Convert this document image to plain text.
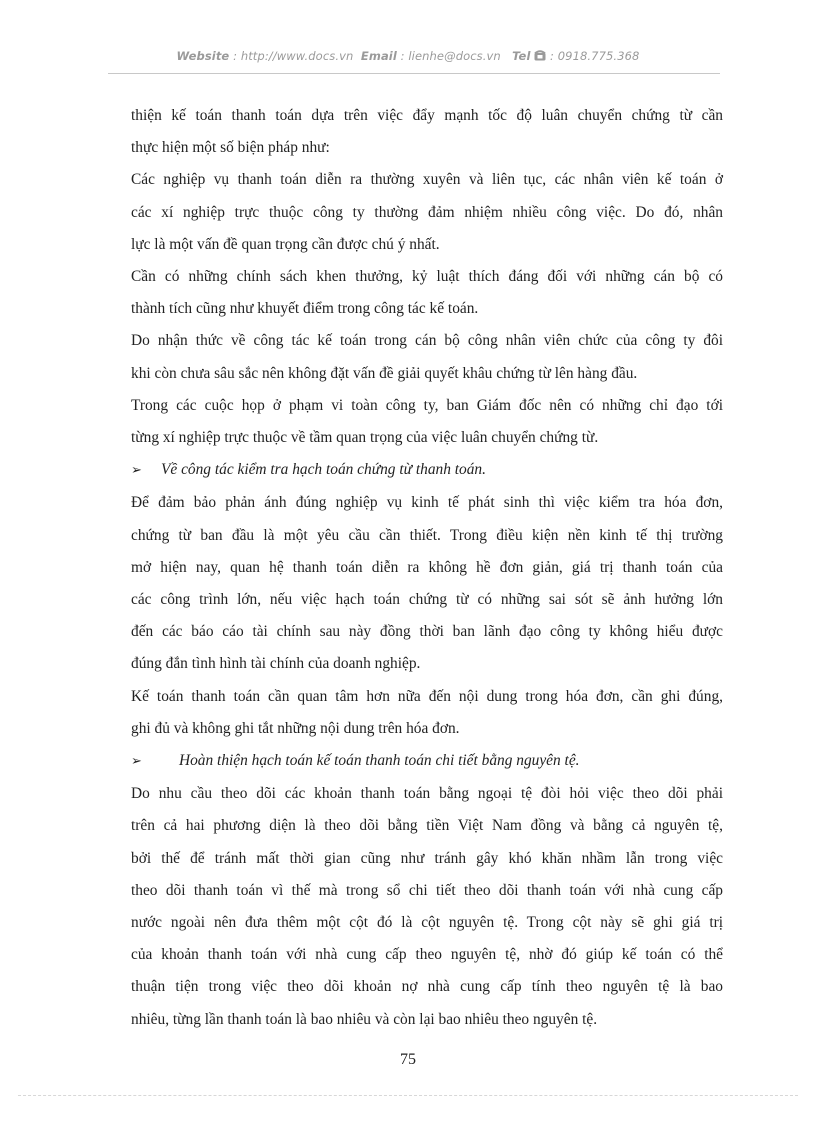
Website : http://www.docs.vn Email : lienhe@docs.vn Tel : 0918.775.368

thiện kế toán thanh toán dựa trên việc đẩy mạnh tốc độ luân chuyển chứng từ cần

thực hiện một số biện pháp như:

Các nghiệp vụ thanh toán diễn ra thường xuyên và liên tục, các nhân viên kế toán ở

các xí nghiệp trực thuộc công ty thường đảm nhiệm nhiều công việc. Do đó, nhân

lực là một vấn đề quan trọng cần được chú ý nhất.

Cần có những chính sách khen thưởng, kỷ luật thích đáng đối với những cán bộ có

thành tích cũng như khuyết điểm trong công tác kế toán.

Do nhận thức về công tác kế toán trong cán bộ công nhân viên chức của công ty đôi

khi còn chưa sâu sắc nên không đặt vấn đề giải quyết khâu chứng từ lên hàng đầu.

Trong các cuộc họp ở phạm vi toàn công ty, ban Giám đốc nên có những chỉ đạo tới

từng xí nghiệp trực thuộc về tầm quan trọng của việc luân chuyển chứng từ.

➢	Về công tác kiểm tra hạch toán chứng từ thanh toán.

Để đảm bảo phản ánh đúng nghiệp vụ kinh tế phát sinh thì việc kiểm tra hóa đơn,

chứng từ ban đầu là một yêu cầu cần thiết. Trong điều kiện nền kinh tế thị trường

mở hiện nay, quan hệ thanh toán diễn ra không hề đơn giản, giá trị thanh toán của

các công trình lớn, nếu việc hạch toán chứng từ có những sai sót sẽ ảnh hưởng lớn

đến các báo cáo tài chính sau này đồng thời ban lãnh đạo công ty không hiểu được

đúng đắn tình hình tài chính của doanh nghiệp.

Kế toán thanh toán cần quan tâm hơn nữa đến nội dung trong hóa đơn, cần ghi đúng,

ghi đủ và không ghi tắt những nội dung trên hóa đơn.

➢	Hoàn thiện hạch toán kế toán thanh toán chi tiết bằng nguyên tệ.

Do nhu cầu theo dõi các khoản thanh toán bằng ngoại tệ đòi hỏi việc theo dõi phải

trên cả hai phương diện là theo dõi bằng tiền Việt Nam đồng và bằng cả nguyên tệ,

bởi thế để tránh mất thời gian cũng như tránh gây khó khăn nhầm lẫn trong việc

theo dõi thanh toán vì thế mà trong sổ chi tiết theo dõi thanh toán với nhà cung cấp

nước ngoài nên đưa thêm một cột đó là cột nguyên tệ. Trong cột này sẽ ghi giá trị

của khoản thanh toán với nhà cung cấp theo nguyên tệ, nhờ đó giúp kế toán có thể

thuận tiện trong việc theo dõi khoản nợ nhà cung cấp tính theo nguyên tệ là bao

nhiêu, từng lần thanh toán là bao nhiêu và còn lại bao nhiêu theo nguyên tệ.

75
